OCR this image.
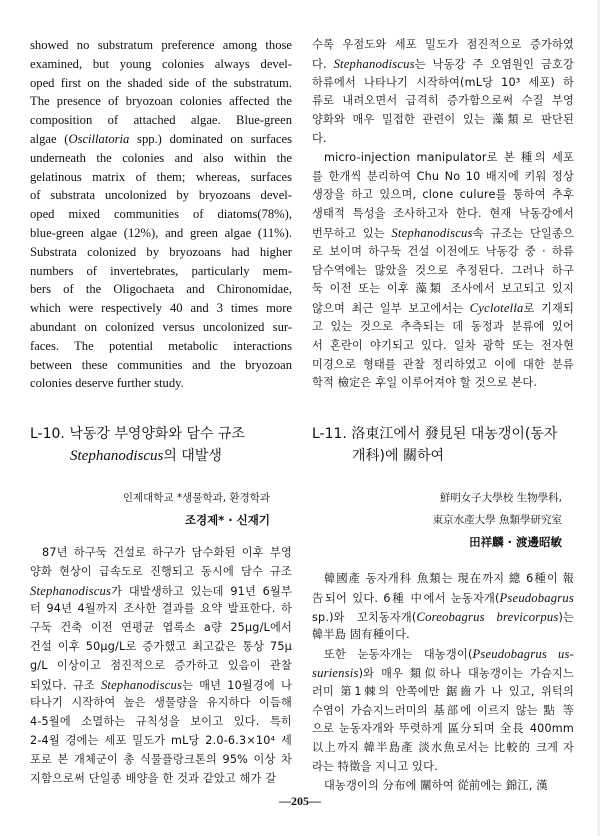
showed no substratum preference among those
examined, but young colonies always devel-
oped first on the shaded side of the substratum.
The presence of bryozoan colonies affected the
composition of attached algae. Blue-green
algae (Oscillatoria spp.) dominated on surfaces
underneath the colonies and also within the
gelatinous matrix of them; whereas, surfaces
of substrata uncolonized by bryozoans devel-
oped mixed communities of diatoms(78%),
blue-green algae (12%), and green algae (11%).
Substrata colonized by bryozoans had higher
numbers of invertebrates, particularly mem-
bers of the Oligochaeta and Chironomidae,
which were respectively 40 and 3 times more
abundant on colonized versus uncolonized sur-
faces. The potential metabolic interactions
between these communities and the bryozoan
colonies deserve further study.
L-10. 낙동강 부영양화와 담수 규조
Stephanodiscus의 대발생
인제대학교 *생물학과, 환경학과
조경제* · 신재기
87년 하구둑 건설로 하구가 담수화된 이후 부영
양화 현상이 급속도로 진행되고 동시에 담수 규조
Stephanodiscus가 대발생하고 있는데 91년 6월부
터 94년 4월까지 조사한 결과를 요약 발표한다. 하
구둑 건축 이전 연평균 엽록소 a량 25μg/L에서
건설 이후 50μg/L로 증가했고 최고값은 통상 75μ
g/L 이상이고 점진적으로 증가하고 있음이 관찰
되었다. 규조 Stephanodiscus는 매년 10월경에 나
타나기 시작하여 높은 생물량을 유지하다 이듬해
4-5월에 소멸하는 규칙성을 보이고 있다. 특히
2-4월 경에는 세포 밀도가 mL당 2.0-6.3×10⁴ 세
포로 본 개체군이 총 식물플랑크톤의 95% 이상 차
지함으로써 단일종 배양을 한 것과 같았고 해가 갈
수록 우점도와 세포 밀도가 점진적으로 증가하였
다. Stephanodiscus는 낙동강 주 오염원인 금호강
하류에서 나타나기 시작하여(mL당 10³ 세포) 하
류로 내려오면서 급격히 증가함으로써 수질 부영
양화와 매우 밀접한 관련이 있는 藻類로 판단된
다.
micro-injection manipulator로 본 種의 세포
를 한개씩 분리하여 Chu No 10 배지에 키워 정상
생장을 하고 있으며, clone culure를 통하여 추후
생태적 특성을 조사하고자 한다. 현재 낙동강에서
번무하고 있는 Stephanodiscus속 규조는 단일종으
로 보이며 하구둑 건설 이전에도 낙동강 중 · 하류
담수역에는 많았을 것으로 추정된다. 그러나 하구
둑 이전 또는 이후 藻類 조사에서 보고되고 있지
않으며 최근 일부 보고에서는 Cyclotella로 기재되
고 있는 것으로 추측되는 데 동정과 분류에 있어
서 혼란이 야기되고 있다. 일차 광학 또는 전자현
미경으로 형태를 관찰 정리하였고 이에 대한 분류
학적 檢定은 후일 이루어져야 할 것으로 본다.
L-11. 洛東江에서 發見된 대농갱이(동자
개科)에 關하여
鮮明女子大學校 生物學科,
東京水產大學 魚類學研究室
田祥麟 · 渡邊昭敏
韓國產 동자개科 魚類는 現在까지 總 6種이 報
告되어 있다. 6種 中에서 눈동자개(Pseudobagrus
sp.)와 꼬치동자개(Coreobagrus brevicorpus)는
韓半島 固有種이다.
또한 눈동자개는 대농갱이(Pseudobagrus us-
suriensis)와 매우 類似하나 대농갱이는 가슴지느
러미 第1棘의 안쪽에만 鋸齒가 나 있고, 위턱의
수염이 가슴지느러미의 基部에 이르지 않는 點 等
으로 눈동자개와 뚜렷하게 區分되며 全長 400mm
以上까지 韓半島產 淡水魚로서는 比較的 크게 자
라는 特徵을 지니고 있다.
대농갱이의 分布에 關하여 從前에는 錦江, 漢
—205—
